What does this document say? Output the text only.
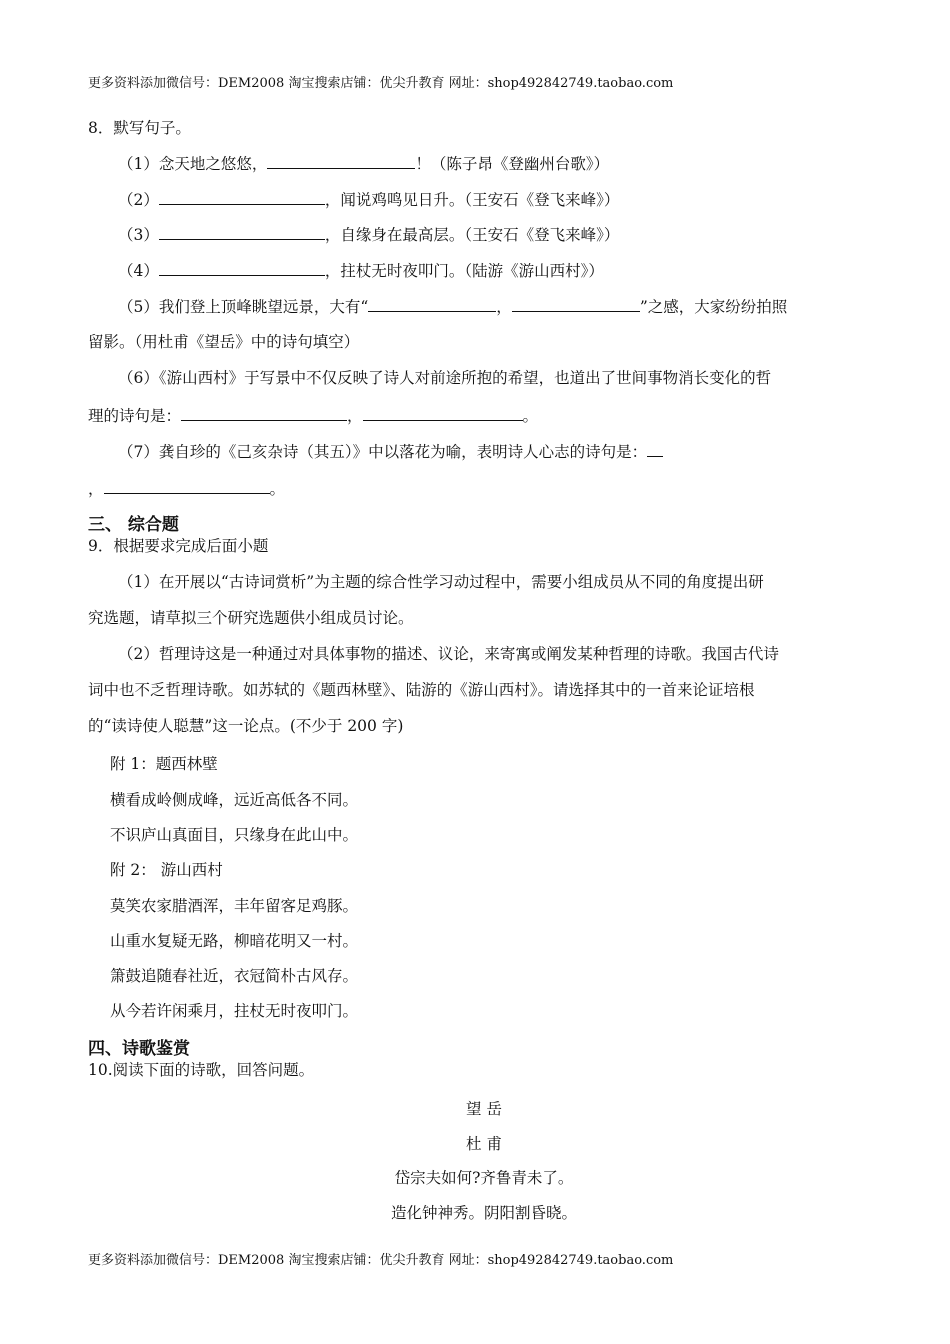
更多资料添加微信号：DEM2008 淘宝搜索店铺：优尖升教育 网址：shop492842749.taobao.com
8．默写句子。
（1）念天地之悠悠，	！（陈子昂《登幽州台歌》）
（2）	，闻说鸡鸣见日升。（王安石《登飞来峰》）
（3）	，自缘身在最高层。（王安石《登飞来峰》）
（4）	，拄杖无时夜叩门。（陆游《游山西村》）
（5）我们登上顶峰眺望远景，大有“	，	”之感，大家纷纷拍照
留影。（用杜甫《望岳》中的诗句填空）
（6）《游山西村》于写景中不仅反映了诗人对前途所抱的希望，也道出了世间事物消长变化的哲
理的诗句是：	，	。
（7）龚自珍的《己亥杂诗（其五）》中以落花为喻，表明诗人心志的诗句是：
，	。
三、 综合题
9．根据要求完成后面小题
（1）在开展以“古诗词赏析”为主题的综合性学习动过程中，需要小组成员从不同的角度提出研
究选题，请草拟三个研究选题供小组成员讨论。
（2）哲理诗这是一种通过对具体事物的描述、议论，来寄寓或阐发某种哲理的诗歌。我国古代诗
词中也不乏哲理诗歌。如苏轼的《题西林壁》、陆游的《游山西村》。请选择其中的一首来论证培根
的“读诗使人聪慧”这一论点。(不少于 200 字)
附 1：题西林壁
横看成岭侧成峰，远近高低各不同。
不识庐山真面目，只缘身在此山中。
附 2： 游山西村
莫笑农家腊酒浑，丰年留客足鸡豚。
山重水复疑无路，柳暗花明又一村。
箫鼓追随春社近，衣冠简朴古风存。
从今若许闲乘月，拄杖无时夜叩门。
四、诗歌鉴赏
10.阅读下面的诗歌，回答问题。
望 岳
杜 甫
岱宗夫如何?齐鲁青未了。
造化钟神秀。阴阳割昏晓。
更多资料添加微信号：DEM2008 淘宝搜索店铺：优尖升教育 网址：shop492842749.taobao.com
